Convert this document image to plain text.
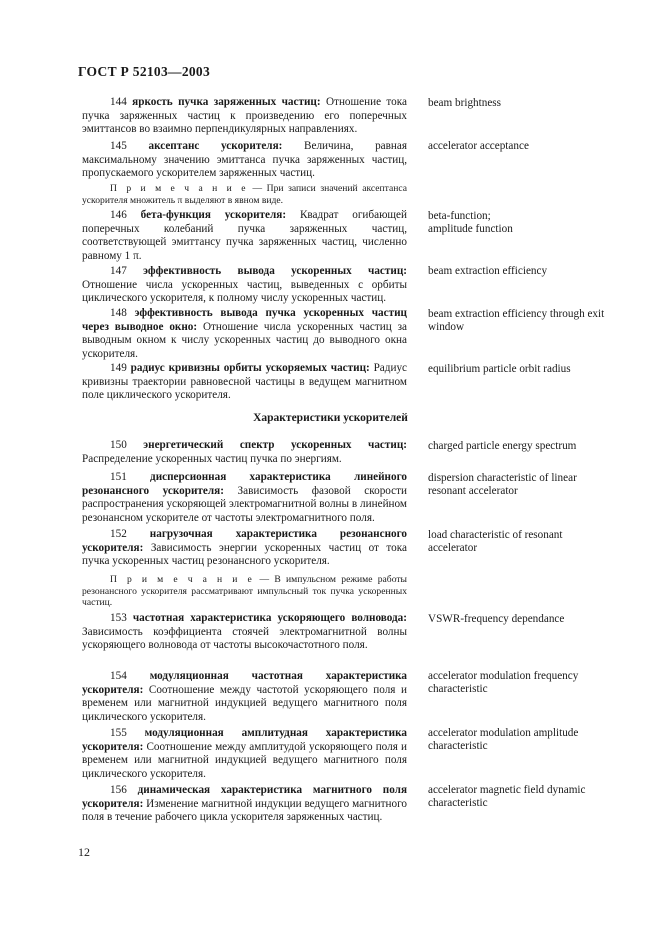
ГОСТ Р 52103—2003
144 яркость пучка заряженных частиц: Отношение тока пучка заряженных частиц к произведению его поперечных эмиттансов во взаимно перпендикулярных направлениях.
beam brightness
145 аксептанс ускорителя: Величина, равная максимальному значению эмиттанса пучка заряженных частиц, пропускаемого ускорителем заряженных частиц.
accelerator acceptance
П р и м е ч а н и е — При записи значений аксептанса ускорителя множитель π выделяют в явном виде.
146 бета-функция ускорителя: Квадрат огибающей поперечных колебаний пучка заряженных частиц, соответствующей эмиттансу пучка заряженных частиц, численно равному 1 π.
beta-function;
amplitude function
147 эффективность вывода ускоренных частиц: Отношение числа ускоренных частиц, выведенных с орбиты циклического ускорителя, к полному числу ускоренных частиц.
beam extraction efficiency
148 эффективность вывода пучка ускоренных частиц через выводное окно: Отношение числа ускоренных частиц за выводным окном к числу ускоренных частиц до выводного окна ускорителя.
beam extraction efficiency through exit window
149 радиус кривизны орбиты ускоряемых частиц: Радиус кривизны траектории равновесной частицы в ведущем магнитном поле циклического ускорителя.
equilibrium particle orbit radius
Характеристики ускорителей
150 энергетический спектр ускоренных частиц: Распределение ускоренных частиц пучка по энергиям.
charged particle energy spectrum
151 дисперсионная характеристика линейного резонансного ускорителя: Зависимость фазовой скорости распространения ускоряющей электромагнитной волны в линейном резонансном ускорителе от частоты электромагнитного поля.
dispersion characteristic of linear resonant accelerator
152 нагрузочная характеристика резонансного ускорителя: Зависимость энергии ускоренных частиц от тока пучка ускоренных частиц резонансного ускорителя.
load characteristic of resonant accelerator
П р и м е ч а н и е — В импульсном режиме работы резонансного ускорителя рассматривают импульсный ток пучка ускоренных частиц.
153 частотная характеристика ускоряющего волновода: Зависимость коэффициента стоячей электромагнитной волны ускоряющего волновода от частоты высокочастотного поля.
VSWR-frequency dependance
154 модуляционная частотная характеристика ускорителя: Соотношение между частотой ускоряющего поля и временем или магнитной индукцией ведущего магнитного поля циклического ускорителя.
accelerator modulation frequency characteristic
155 модуляционная амплитудная характеристика ускорителя: Соотношение между амплитудой ускоряющего поля и временем или магнитной индукцией ведущего магнитного поля циклического ускорителя.
accelerator modulation amplitude characteristic
156 динамическая характеристика магнитного поля ускорителя: Изменение магнитной индукции ведущего магнитного поля в течение рабочего цикла ускорителя заряженных частиц.
accelerator magnetic field dynamic characteristic
12
